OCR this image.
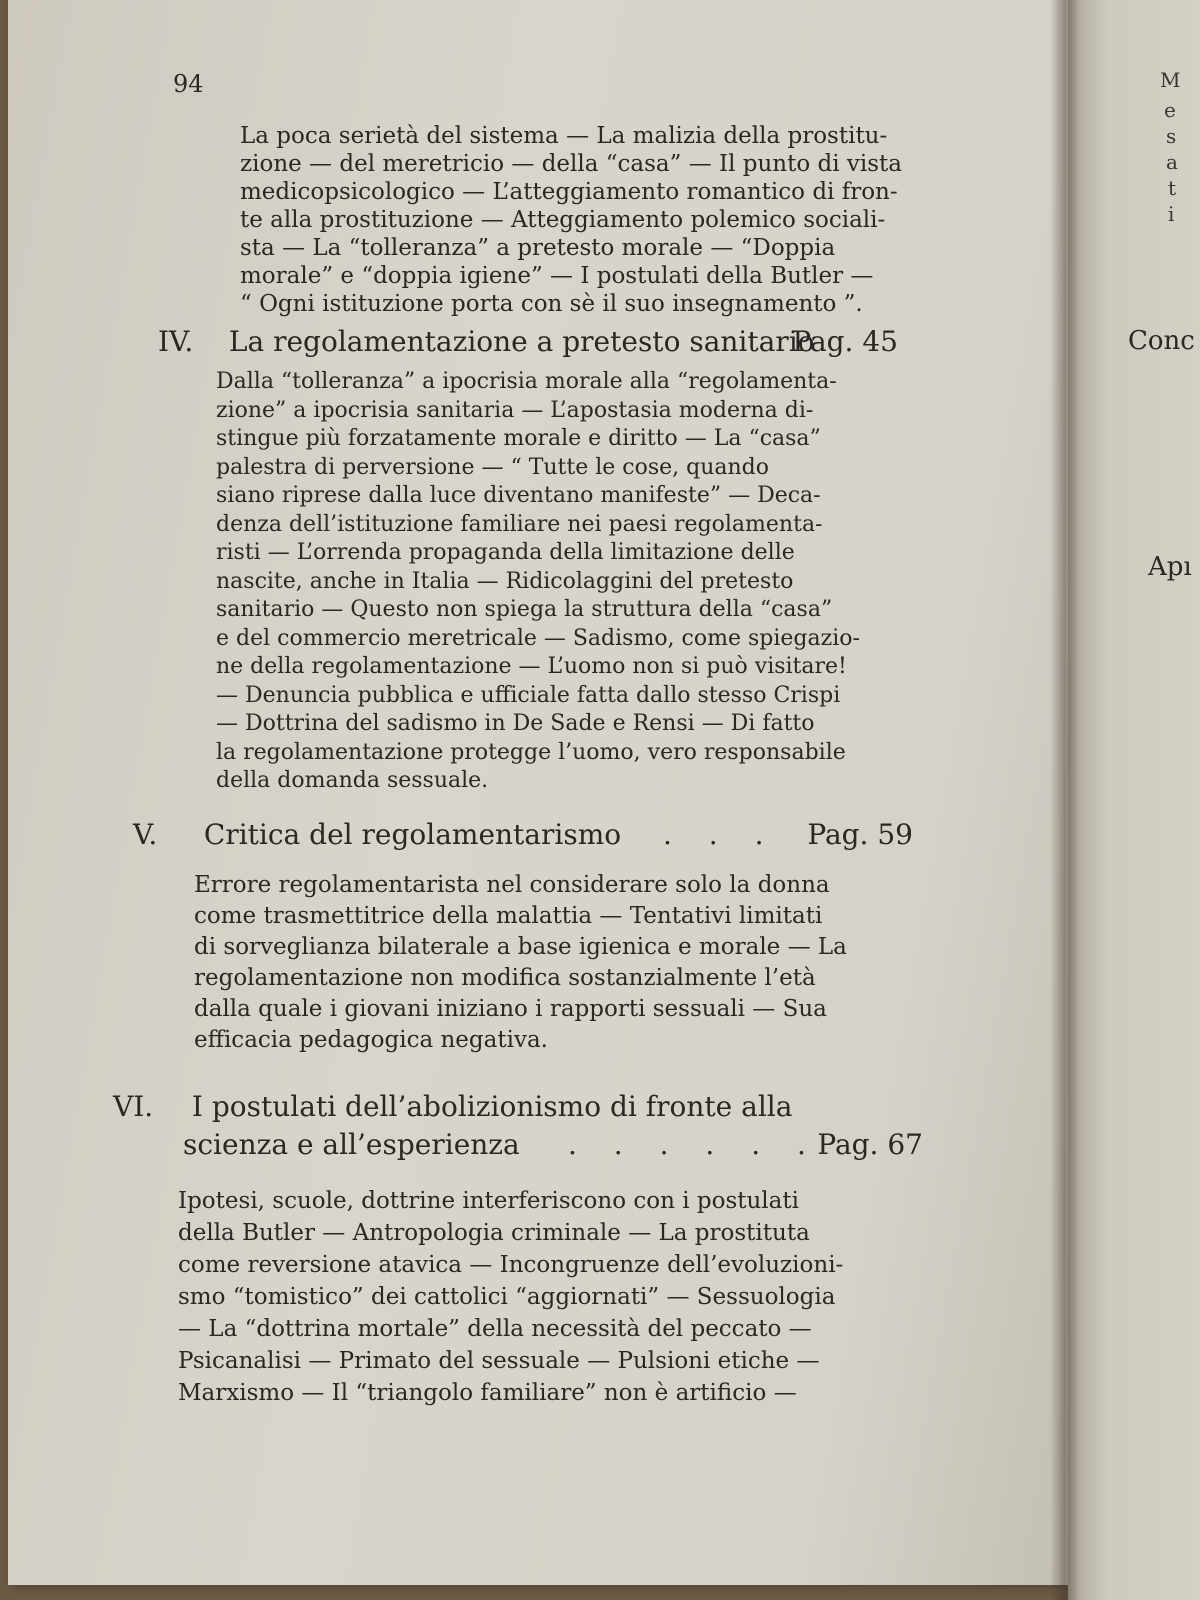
94
La poca serietà del sistema — La malizia della prostitu-
zione — del meretricio — della “casa” — Il punto di vista
medicopsicologico — L’atteggiamento romantico di fron-
te alla prostituzione — Atteggiamento polemico sociali-
sta — La “tolleranza” a pretesto morale — “Doppia
morale” e “doppia igiene” — I postulati della Butler —
“ Ogni istituzione porta con sè il suo insegnamento ”.
IV. La regolamentazione a pretesto sanitario
Pag. 45
Dalla “tolleranza” a ipocrisia morale alla “regolamenta-
zione” a ipocrisia sanitaria — L’apostasia moderna di-
stingue più forzatamente morale e diritto — La “casa”
palestra di perversione — “ Tutte le cose, quando
siano riprese dalla luce diventano manifeste” — Deca-
denza dell’istituzione familiare nei paesi regolamenta-
risti — L’orrenda propaganda della limitazione delle
nascite, anche in Italia — Ridicolaggini del pretesto
sanitario — Questo non spiega la struttura della “casa”
e del commercio meretricale — Sadismo, come spiegazio-
ne della regolamentazione — L’uomo non si può visitare!
— Denuncia pubblica e ufficiale fatta dallo stesso Crispi
— Dottrina del sadismo in De Sade e Rensi — Di fatto
la regolamentazione protegge l’uomo, vero responsabile
della domanda sessuale.
V. Critica del regolamentarismo . . . Pag. 59
Errore regolamentarista nel considerare solo la donna
come trasmettitrice della malattia — Tentativi limitati
di sorveglianza bilaterale a base igienica e morale — La
regolamentazione non modifica sostanzialmente l’età
dalla quale i giovani iniziano i rapporti sessuali — Sua
efficacia pedagogica negativa.
VI. I postulati dell’abolizionismo di fronte alla
scienza e all’esperienza . . . . . .
Pag. 67
Ipotesi, scuole, dottrine interferiscono con i postulati
della Butler — Antropologia criminale — La prostituta
come reversione atavica — Incongruenze dell’evoluzioni-
smo “tomistico” dei cattolici “aggiornati” — Sessuologia
— La “dottrina mortale” della necessità del peccato —
Psicanalisi — Primato del sessuale — Pulsioni etiche —
Marxismo — Il “triangolo familiare” non è artificio —
M
e
s
a
t
i
Conc
Apı
